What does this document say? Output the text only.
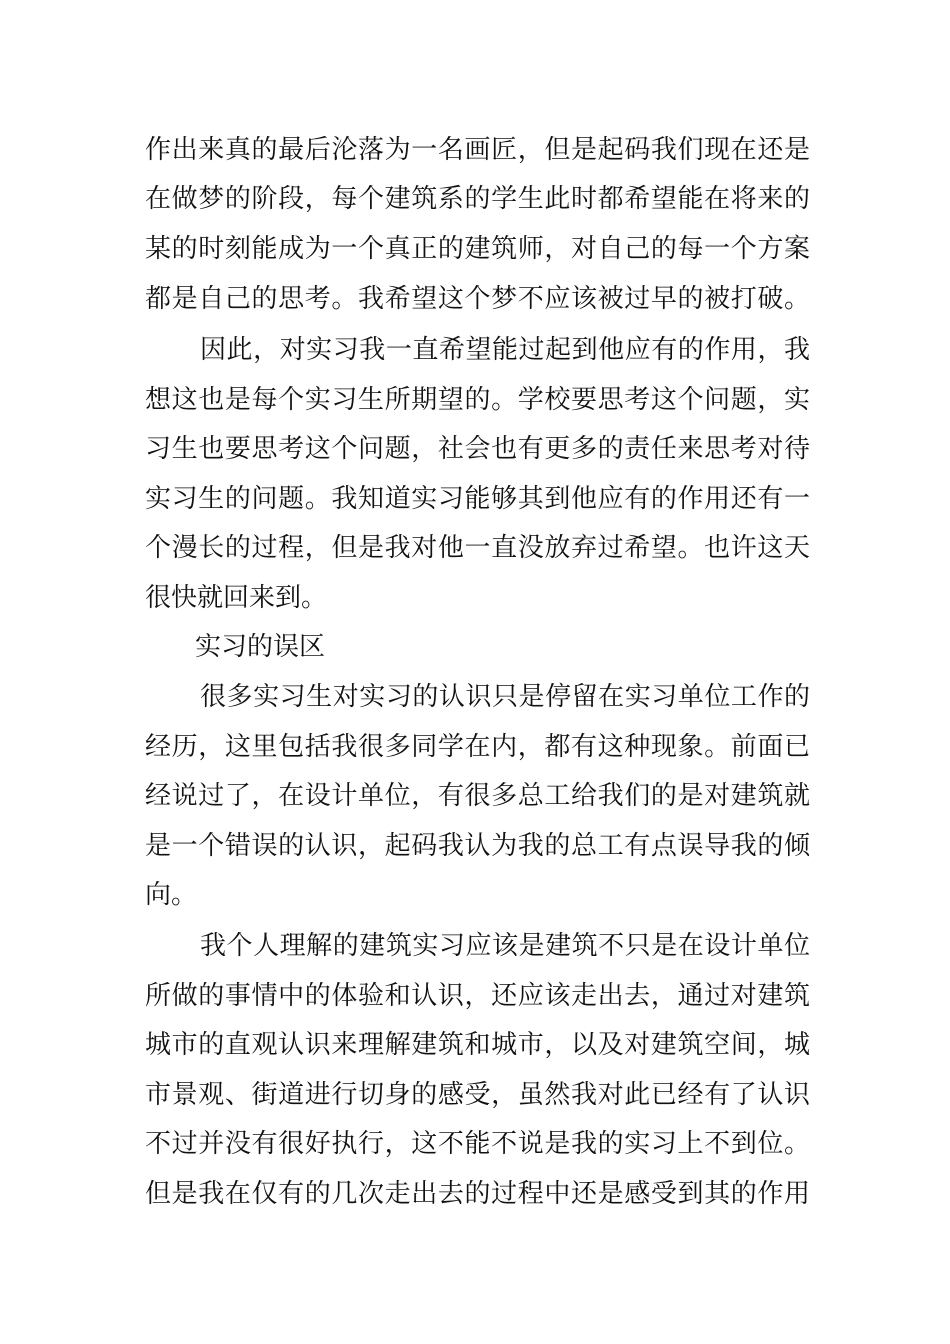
作出来真的最后沦落为一名画匠，但是起码我们现在还是
在做梦的阶段，每个建筑系的学生此时都希望能在将来的
某的时刻能成为一个真正的建筑师，对自己的每一个方案
都是自己的思考。我希望这个梦不应该被过早的被打破。
因此，对实习我一直希望能过起到他应有的作用，我
想这也是每个实习生所期望的。学校要思考这个问题，实
习生也要思考这个问题，社会也有更多的责任来思考对待
实习生的问题。我知道实习能够其到他应有的作用还有一
个漫长的过程，但是我对他一直没放弃过希望。也许这天
很快就回来到。
实习的误区
很多实习生对实习的认识只是停留在实习单位工作的
经历，这里包括我很多同学在内，都有这种现象。前面已
经说过了，在设计单位，有很多总工给我们的是对建筑就
是一个错误的认识，起码我认为我的总工有点误导我的倾
向。
我个人理解的建筑实习应该是建筑不只是在设计单位
所做的事情中的体验和认识，还应该走出去，通过对建筑
城市的直观认识来理解建筑和城市，以及对建筑空间，城
市景观、街道进行切身的感受，虽然我对此已经有了认识
不过并没有很好执行，这不能不说是我的实习上不到位。
但是我在仅有的几次走出去的过程中还是感受到其的作用
